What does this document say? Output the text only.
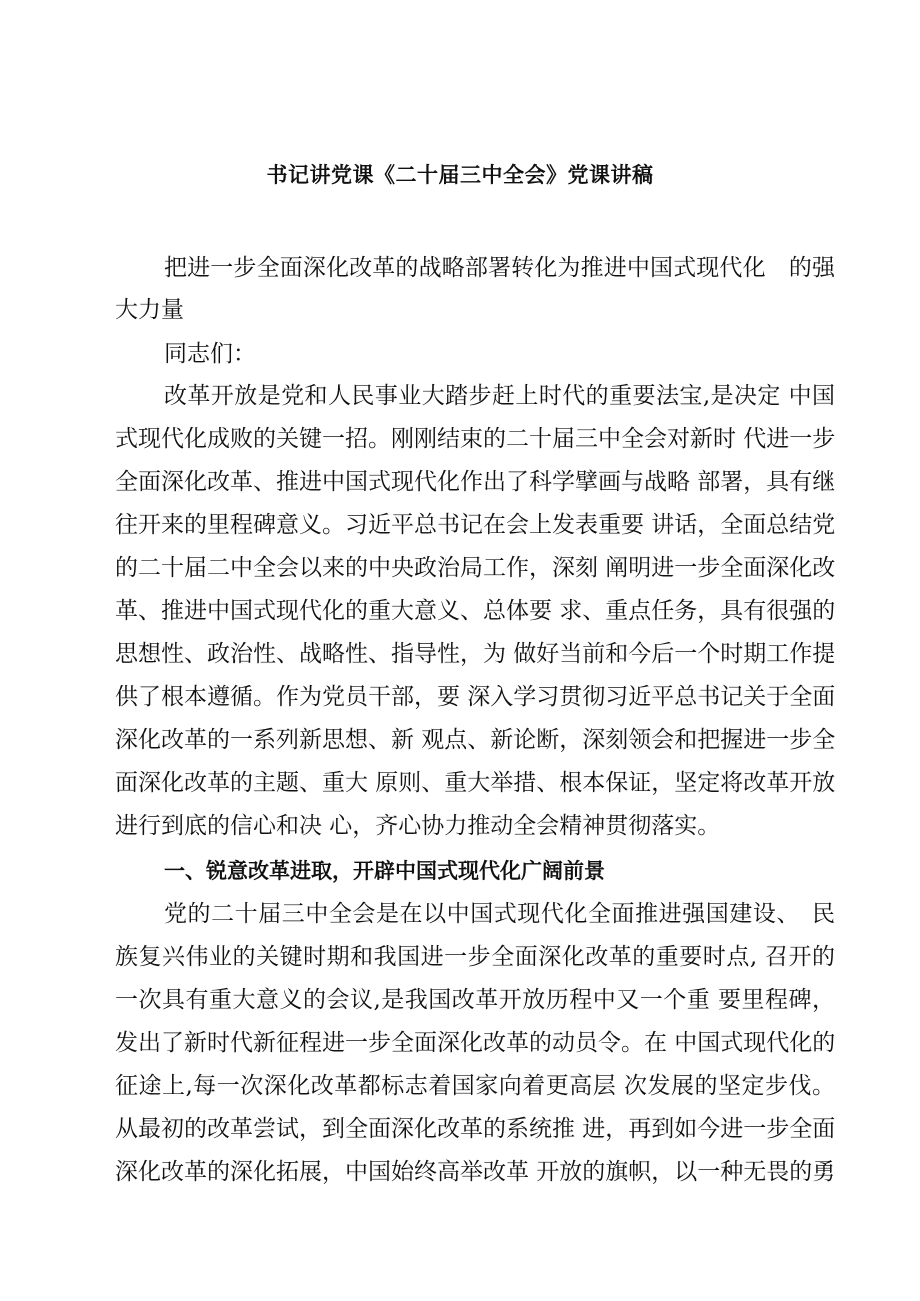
书记讲党课《二十届三中全会》党课讲稿
把进一步全面深化改革的战略部署转化为推进中国式现代化　的强
大力量
同志们：
改革开放是党和人民事业大踏步赶上时代的重要法宝,是决定 中国
式现代化成败的关键一招。刚刚结束的二十届三中全会对新时 代进一步
全面深化改革、推进中国式现代化作出了科学擘画与战略 部署，具有继
往开来的里程碑意义。习近平总书记在会上发表重要 讲话，全面总结党
的二十届二中全会以来的中央政治局工作，深刻 阐明进一步全面深化改
革、推进中国式现代化的重大意义、总体要 求、重点任务，具有很强的
思想性、政治性、战略性、指导性，为 做好当前和今后一个时期工作提
供了根本遵循。作为党员干部，要 深入学习贯彻习近平总书记关于全面
深化改革的一系列新思想、新 观点、新论断，深刻领会和把握进一步全
面深化改革的主题、重大 原则、重大举措、根本保证，坚定将改革开放
进行到底的信心和决 心，齐心协力推动全会精神贯彻落实。
一、锐意改革进取，开辟中国式现代化广阔前景
党的二十届三中全会是在以中国式现代化全面推进强国建设、　民
族复兴伟业的关键时期和我国进一步全面深化改革的重要时点, 召开的
一次具有重大意义的会议,是我国改革开放历程中又一个重 要里程碑，
发出了新时代新征程进一步全面深化改革的动员令。在 中国式现代化的
征途上,每一次深化改革都标志着国家向着更高层 次发展的坚定步伐。
从最初的改革尝试，到全面深化改革的系统推 进，再到如今进一步全面
深化改革的深化拓展，中国始终高举改革 开放的旗帜，以一种无畏的勇
